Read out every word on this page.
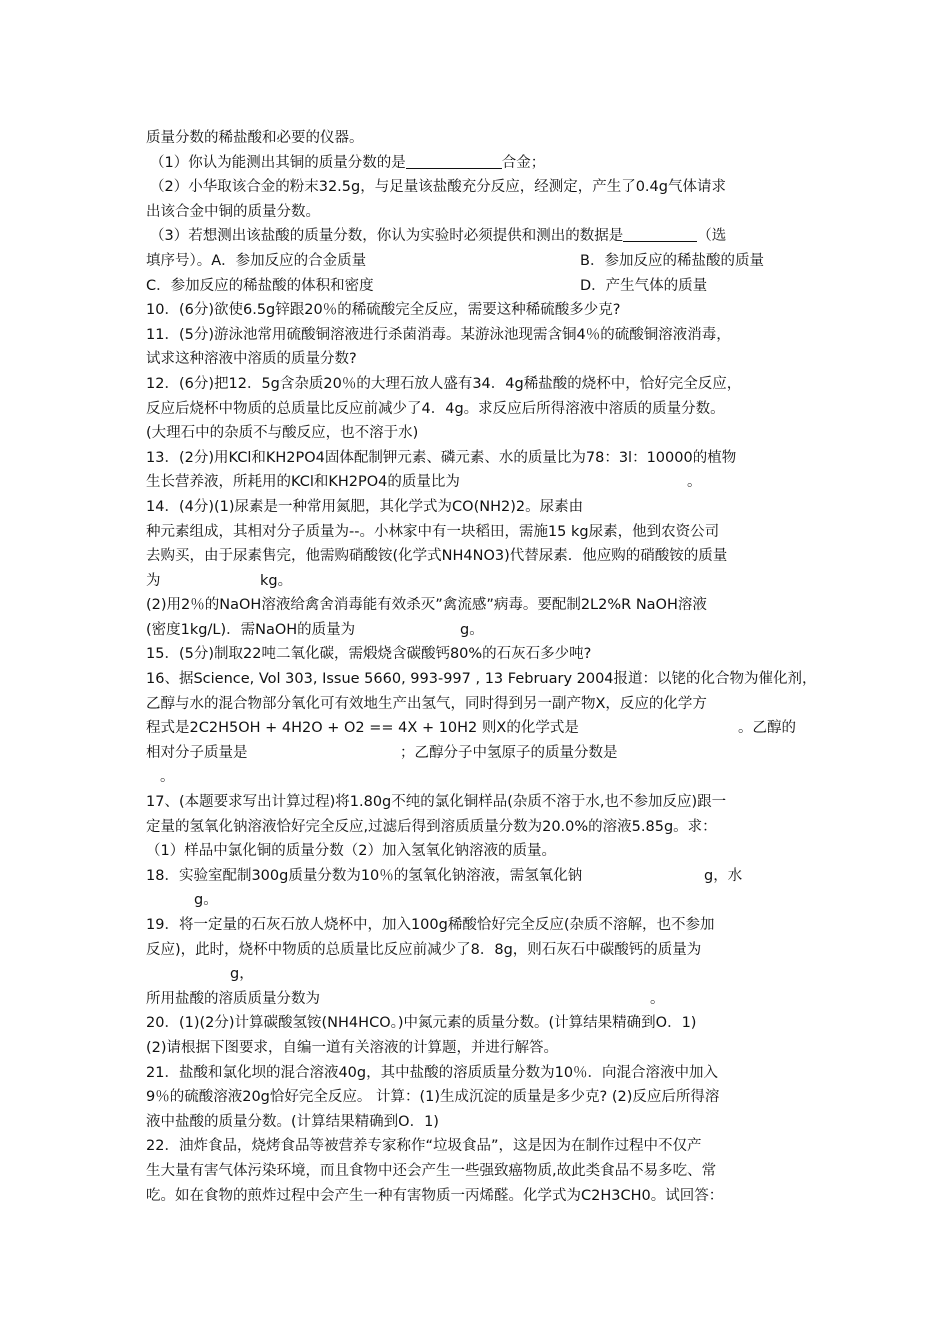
质量分数的稀盐酸和必要的仪器。
（1）你认为能测出其铜的质量分数的是	合金；
（2）小华取该合金的粉末32.5g，与足量该盐酸充分反应，经测定，产生了0.4g气体请求
出该合金中铜的质量分数。
（3）若想测出该盐酸的质量分数，你认为实验时必须提供和测出的数据是	（选
填序号）。A．参加反应的合金质量	B．参加反应的稀盐酸的质量
C．参加反应的稀盐酸的体积和密度	D．产生气体的质量
10．(6分)欲使6.5g锌跟20％的稀硫酸完全反应，需要这种稀硫酸多少克?
11．(5分)游泳池常用硫酸铜溶液进行杀菌消毒。某游泳池现需含铜4％的硫酸铜溶液消毒，
试求这种溶液中溶质的质量分数?
12．(6分)把12．5g含杂质20％的大理石放人盛有34．4g稀盐酸的烧杯中，恰好完全反应，
反应后烧杯中物质的总质量比反应前减少了4．4g。求反应后所得溶液中溶质的质量分数。
(大理石中的杂质不与酸反应，也不溶于水)
13．(2分)用KCl和KH2PO4固体配制钾元素、磷元素、水的质量比为78：3l：10000的植物
生长营养液，所耗用的KCl和KH2PO4的质量比为	。
14．(4分)(1)尿素是一种常用氮肥，其化学式为CO(NH2)2。尿素由
种元素组成，其相对分子质量为--。小林家中有一块稻田，需施15 kg尿素，他到农资公司
去购买，由于尿素售完，他需购硝酸铵(化学式NH4NO3)代替尿素．他应购的硝酸铵的质量
为	kg。
(2)用2％的NaOH溶液给禽舍消毒能有效杀灭”禽流感”病毒。要配制2L2%R NaOH溶液
(密度1kg/L)．需NaOH的质量为	g。
15．(5分)制取22吨二氧化碳，需煅烧含碳酸钙80%的石灰石多少吨?
16、据Science, Vol 303, Issue 5660, 993-997 , 13 February 2004报道：以铑的化合物为催化剂，
乙醇与水的混合物部分氧化可有效地生产出氢气，同时得到另一副产物X，反应的化学方
程式是2C2H5OH + 4H2O + O2 == 4X + 10H2 则X的化学式是	。乙醇的
相对分子质量是	；乙醇分子中氢原子的质量分数是
。
17、(本题要求写出计算过程)将1.80g不纯的氯化铜样品(杂质不溶于水,也不参加反应)跟一
定量的氢氧化钠溶液恰好完全反应,过滤后得到溶质质量分数为20.0%的溶液5.85g。求：
（1）样品中氯化铜的质量分数（2）加入氢氧化钠溶液的质量。
18．实验室配制300g质量分数为10％的氢氧化钠溶液，需氢氧化钠	g，水
g。
19．将一定量的石灰石放人烧杯中，加入100g稀酸恰好完全反应(杂质不溶解，也不参加
反应)，此时，烧杯中物质的总质量比反应前减少了8．8g，则石灰石中碳酸钙的质量为
g，
所用盐酸的溶质质量分数为	。
20．(1)(2分)计算碳酸氢铵(NH4HCO。)中氮元素的质量分数。(计算结果精确到O．1)
(2)请根据下图要求，自编一道有关溶液的计算题，并进行解答。
21．盐酸和氯化坝的混合溶液40g，其中盐酸的溶质质量分数为10％．向混合溶液中加入
9％的硫酸溶液20g恰好完全反应。 计算：(1)生成沉淀的质量是多少克? (2)反应后所得溶
液中盐酸的质量分数。(计算结果精确到O．1)
22．油炸食品，烧烤食品等被营养专家称作“垃圾食品”，这是因为在制作过程中不仅产
生大量有害气体污染环境，而且食物中还会产生一些强致癌物质,故此类食品不易多吃、常
吃。如在食物的煎炸过程中会产生一种有害物质一丙烯醛。化学式为C2H3CH0。试回答：
